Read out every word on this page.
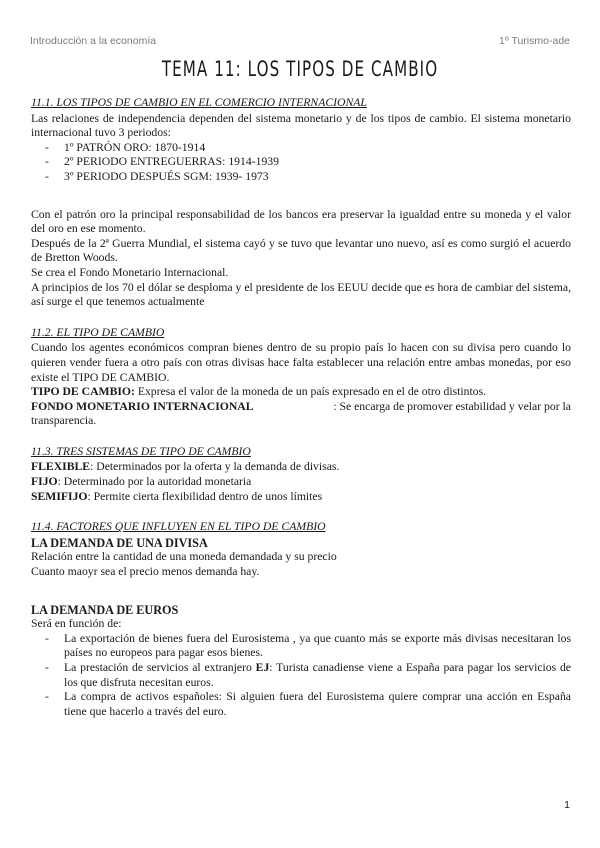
Introducción a la economía	1º Turismo-ade
TEMA 11: LOS TIPOS DE CAMBIO
11.1. LOS TIPOS DE CAMBIO EN EL COMERCIO INTERNACIONAL
Las relaciones de independencia dependen del sistema monetario y de los tipos de cambio. El sistema monetario internacional tuvo 3 periodos:
- 1º PATRÓN ORO: 1870-1914
- 2º PERIODO ENTREGUERRAS: 1914-1939
- 3º PERIODO DESPUÉS SGM: 1939- 1973
Con el patrón oro la principal responsabilidad de los bancos era preservar la igualdad entre su moneda y el valor del oro en ese momento.
Después de la 2ª Guerra Mundial, el sistema cayó y se tuvo que levantar uno nuevo, así es como surgió el acuerdo de Bretton Woods.
Se crea el Fondo Monetario Internacional.
A principios de los 70 el dólar se desploma y el presidente de los EEUU decide que es hora de cambiar del sistema, así surge el que tenemos actualmente
11.2. EL TIPO DE CAMBIO
Cuando los agentes económicos compran bienes dentro de su propio país lo hacen con su divisa pero cuando lo quieren vender fuera a otro país con otras divisas hace falta establecer una relación entre ambas monedas, por eso existe el TIPO DE CAMBIO.
TIPO DE CAMBIO: Expresa el valor de la moneda de un país expresado en el de otro distintos.
FONDO MONETARIO INTERNACIONAL	: Se encarga de promover estabilidad y velar por la
transparencia.
11.3. TRES SISTEMAS DE TIPO DE CAMBIO
FLEXIBLE: Determinados por la oferta y la demanda de divisas.
FIJO: Determinado por la autoridad monetaria
SEMIFIJO: Permite cierta flexibilidad dentro de unos límites
11.4. FACTORES QUE INFLUYEN EN EL TIPO DE CAMBIO
LA DEMANDA DE UNA DIVISA
Relación entre la cantidad de una moneda demandada y su precio
Cuanto maoyr sea el precio menos demanda hay.
LA DEMANDA DE EUROS
Será en función de:
- La exportación de bienes fuera del Eurosistema , ya que cuanto más se exporte más divisas necesitaran los países no europeos para pagar esos bienes.
- La prestación de servicios al extranjero EJ: Turista canadiense viene a España para pagar los servicios de los que disfruta necesitan euros.
- La compra de activos españoles: Si alguien fuera del Eurosistema quiere comprar una acción en España tiene que hacerlo a través del euro.
1
